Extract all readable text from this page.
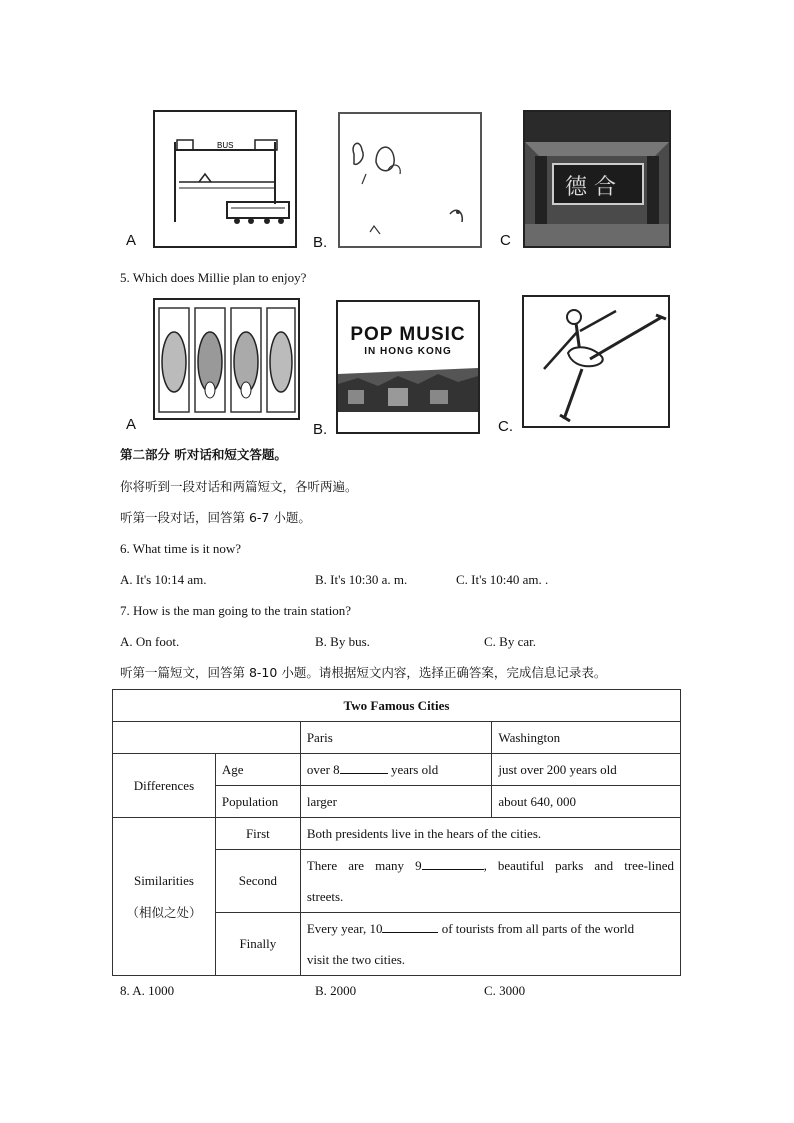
BUS
A	B.
德 合
C
5. Which does Millie plan to enjoy?
A
POP MUSIC
IN HONG KONG
B.	C.
第二部分 听对话和短文答题。
你将听到一段对话和两篇短文，各听两遍。
听第一段对话，回答第 6-7 小题。
6. What time is it now?
A. It's 10:14 am.	B. It's 10:30 a. m.	C. It's 10:40 am. .
7. How is the man going to the train station?
A. On foot.	B. By bus.	C. By car.
听第一篇短文，回答第 8-10 小题。请根据短文内容，选择正确答案，完成信息记录表。
Two Famous Cities			
		Paris	Washington
Differences	Age	over 8 years old	just over 200 years old
	Population	larger	about 640, 000

Similarities
（相似之处）	First	Both presidents live in the hears of the cities.	
	Second	There are many 9 , beautiful parks and tree-lined
streets.	

	Finally	Every year, 10 of tourists from all parts of the world
visit the two cities.	
8. A. 1000	B. 2000	C. 3000
